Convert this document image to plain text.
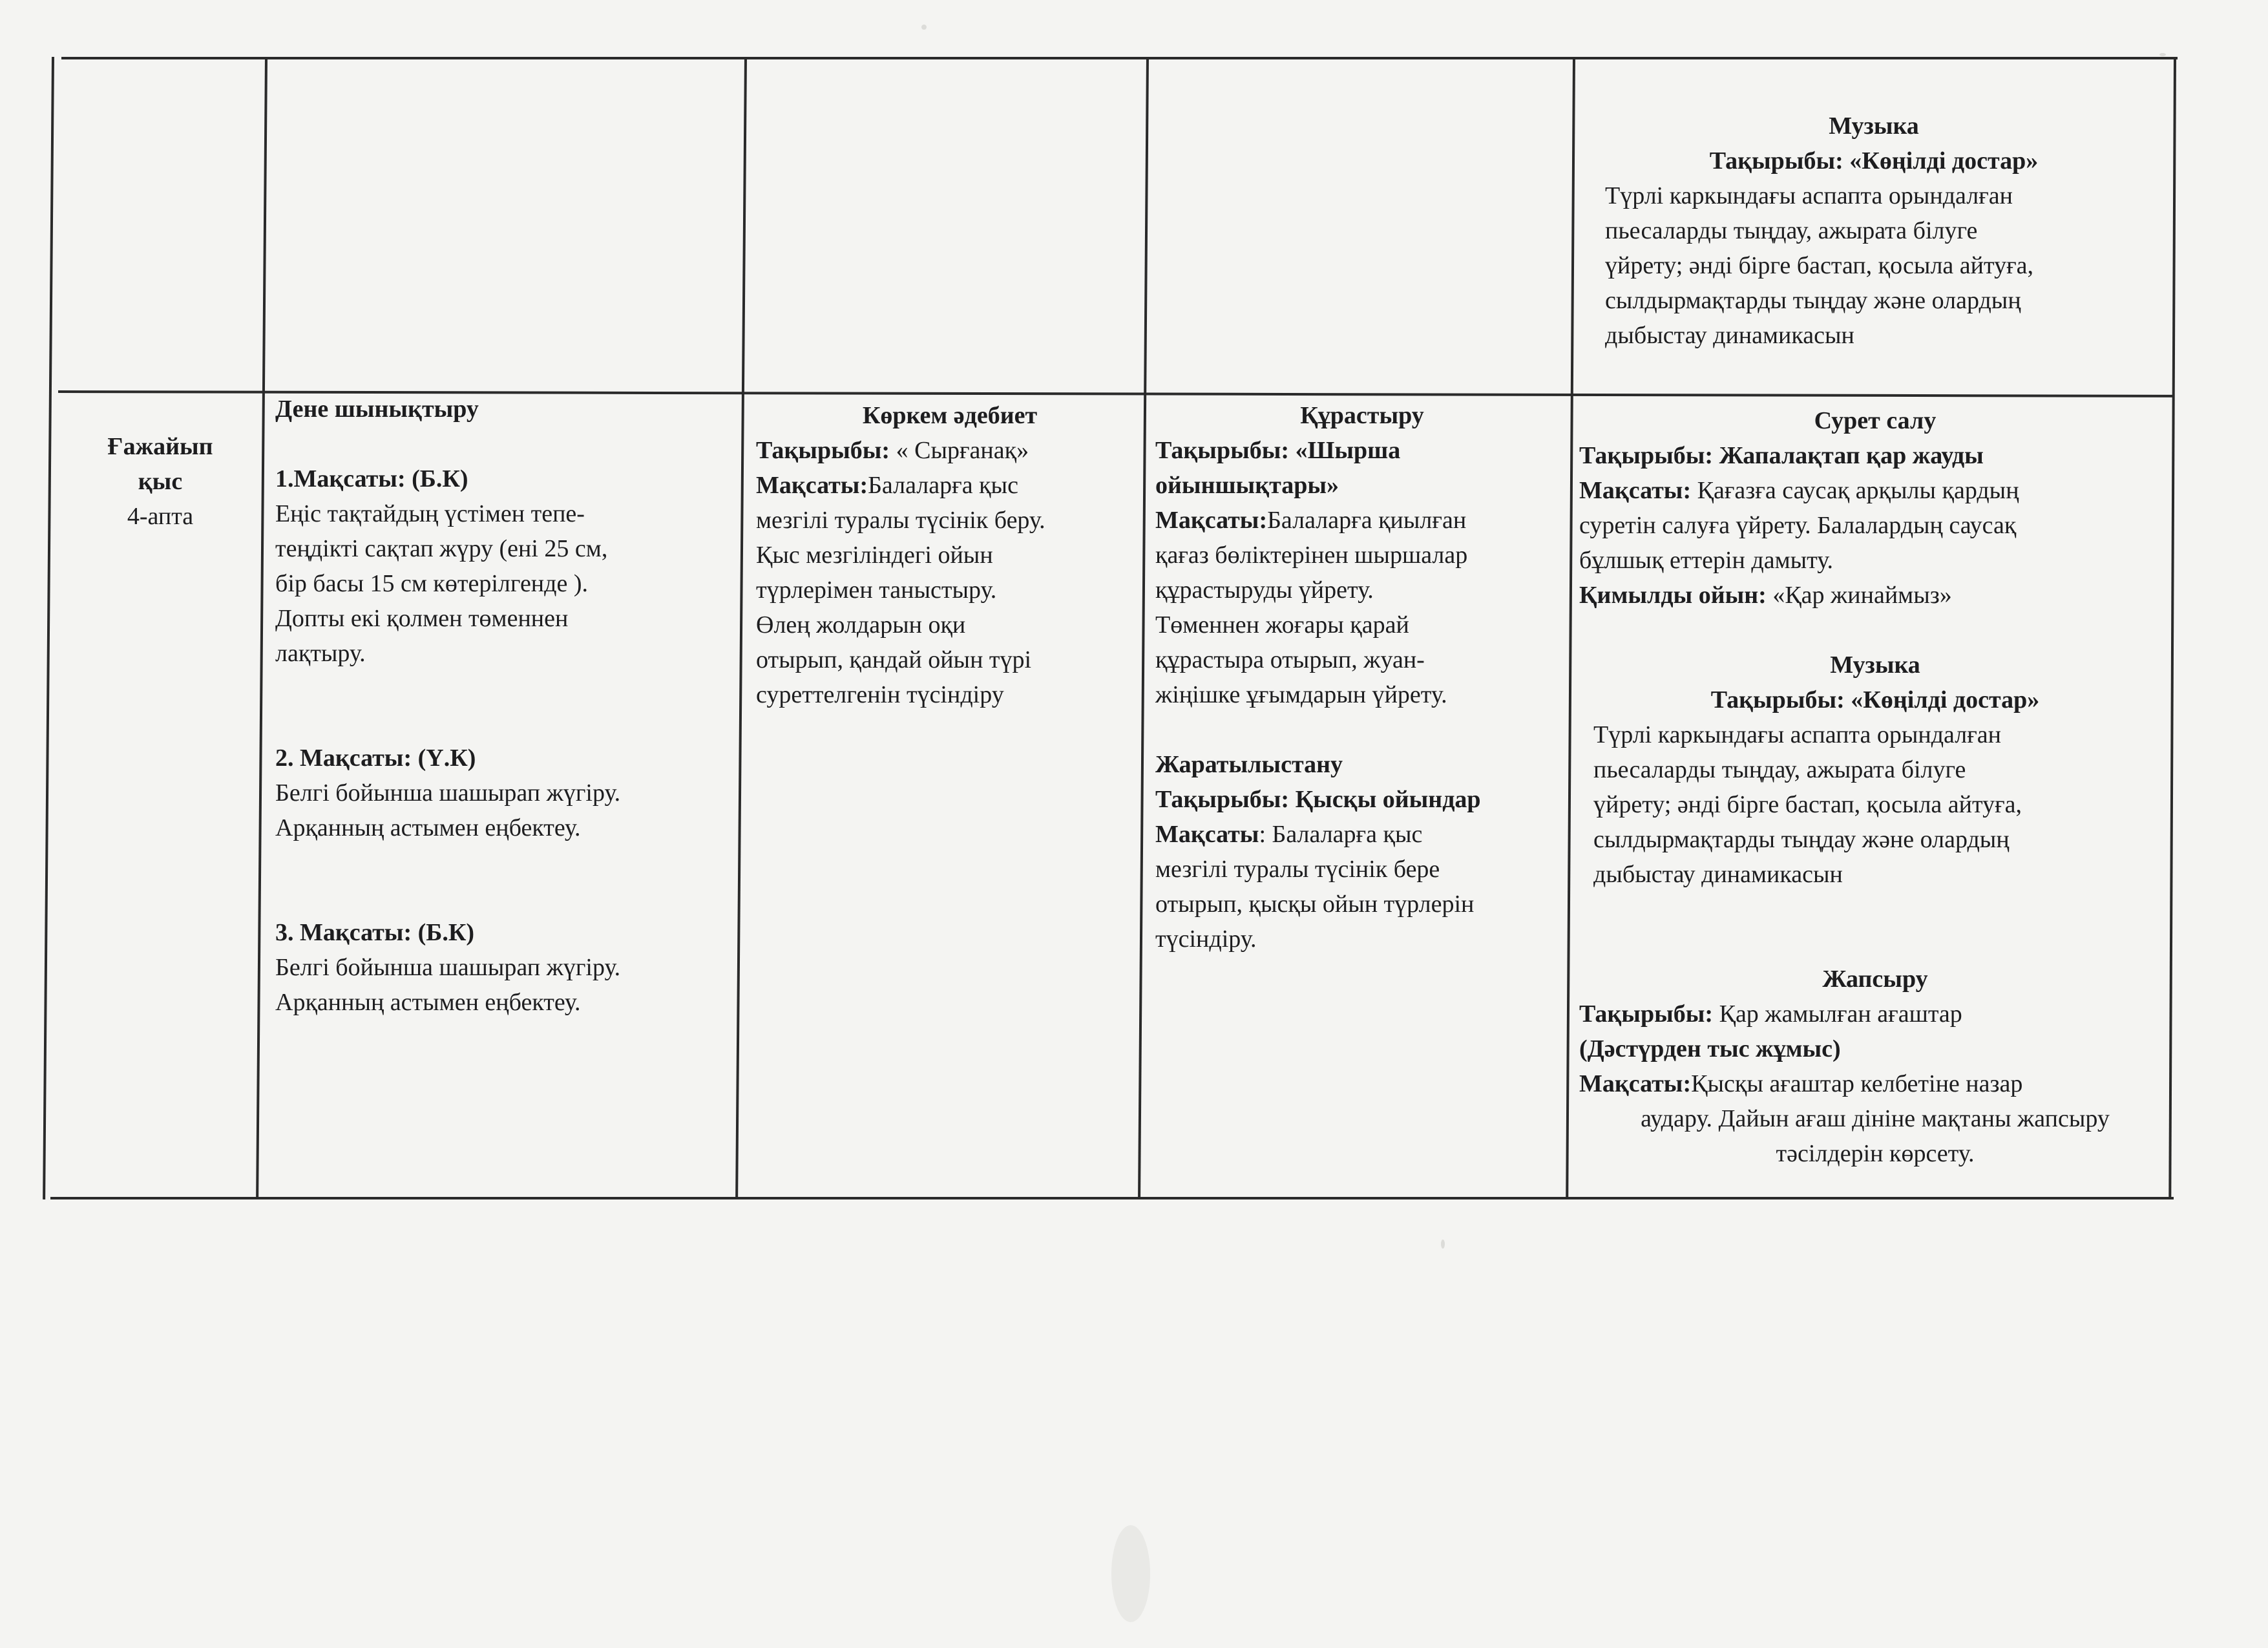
Музыка

Тақырыбы: «Көңілді достар»

Түрлі каркындағы аспапта орындалған
пьесаларды тыңдау, ажырата білуге
үйрету; әнді бірге бастап, қосыла айтуға,
сылдырмақтарды тыңдау және олардың
дыбыстау динамикасын

Ғажайып

қыс

4-апта

Дене шынықтыру

1.Мақсаты: (Б.К)

Еңіс тақтайдың үстімен тепе-
теңдікті сақтап жүру (ені 25 см,
бір басы 15 см көтерілгенде ).
Допты екі қолмен төменнен
лақтыру.

2. Мақсаты: (Ү.К)

Белгі бойынша шашырап жүгіру.
Арқанның астымен еңбектеу.

3. Мақсаты: (Б.К)

Белгі бойынша шашырап жүгіру.
Арқанның астымен еңбектеу.

Көркем әдебиет

Тақырыбы: « Сырғанақ»

Мақсаты:Балаларға қыс

мезгілі туралы түсінік беру.
Қыс мезгіліндегі ойын
түрлерімен таныстыру.
Өлең жолдарын оқи
отырып, қандай ойын түрі
суреттелгенін түсіндіру

Құрастыру

Тақырыбы: «Шырша
ойыншықтары»

Мақсаты:Балаларға қиылған

қағаз бөліктерінен шыршалар
құрастыруды үйрету.
Төменнен жоғары қарай
құрастыра отырып, жуан-
жіңішке ұғымдарын үйрету.

Жаратылыстану

Тақырыбы: Қысқы ойындар

Мақсаты: Балаларға қыс

мезгілі туралы түсінік бере
отырып, қысқы ойын түрлерін
түсіндіру.

Сурет салу

Тақырыбы: Жапалақтап қар жауды

Мақсаты: Қағазға саусақ арқылы қардың

суретін салуға үйрету. Балалардың саусақ
бұлшық еттерін дамыту.

Қимылды ойын: «Қар жинаймыз»

Музыка

Тақырыбы: «Көңілді достар»

Түрлі каркындағы аспапта орындалған
пьесаларды тыңдау, ажырата білуге
үйрету; әнді бірге бастап, қосыла айтуға,
сылдырмақтарды тыңдау және олардың
дыбыстау динамикасын

Жапсыру

Тақырыбы: Қар жамылған ағаштар

(Дәстүрден тыс жұмыс)

Мақсаты:Қысқы ағаштар келбетіне назар

аудару. Дайын ағаш дініне мақтаны жапсыру
тәсілдерін көрсету.
